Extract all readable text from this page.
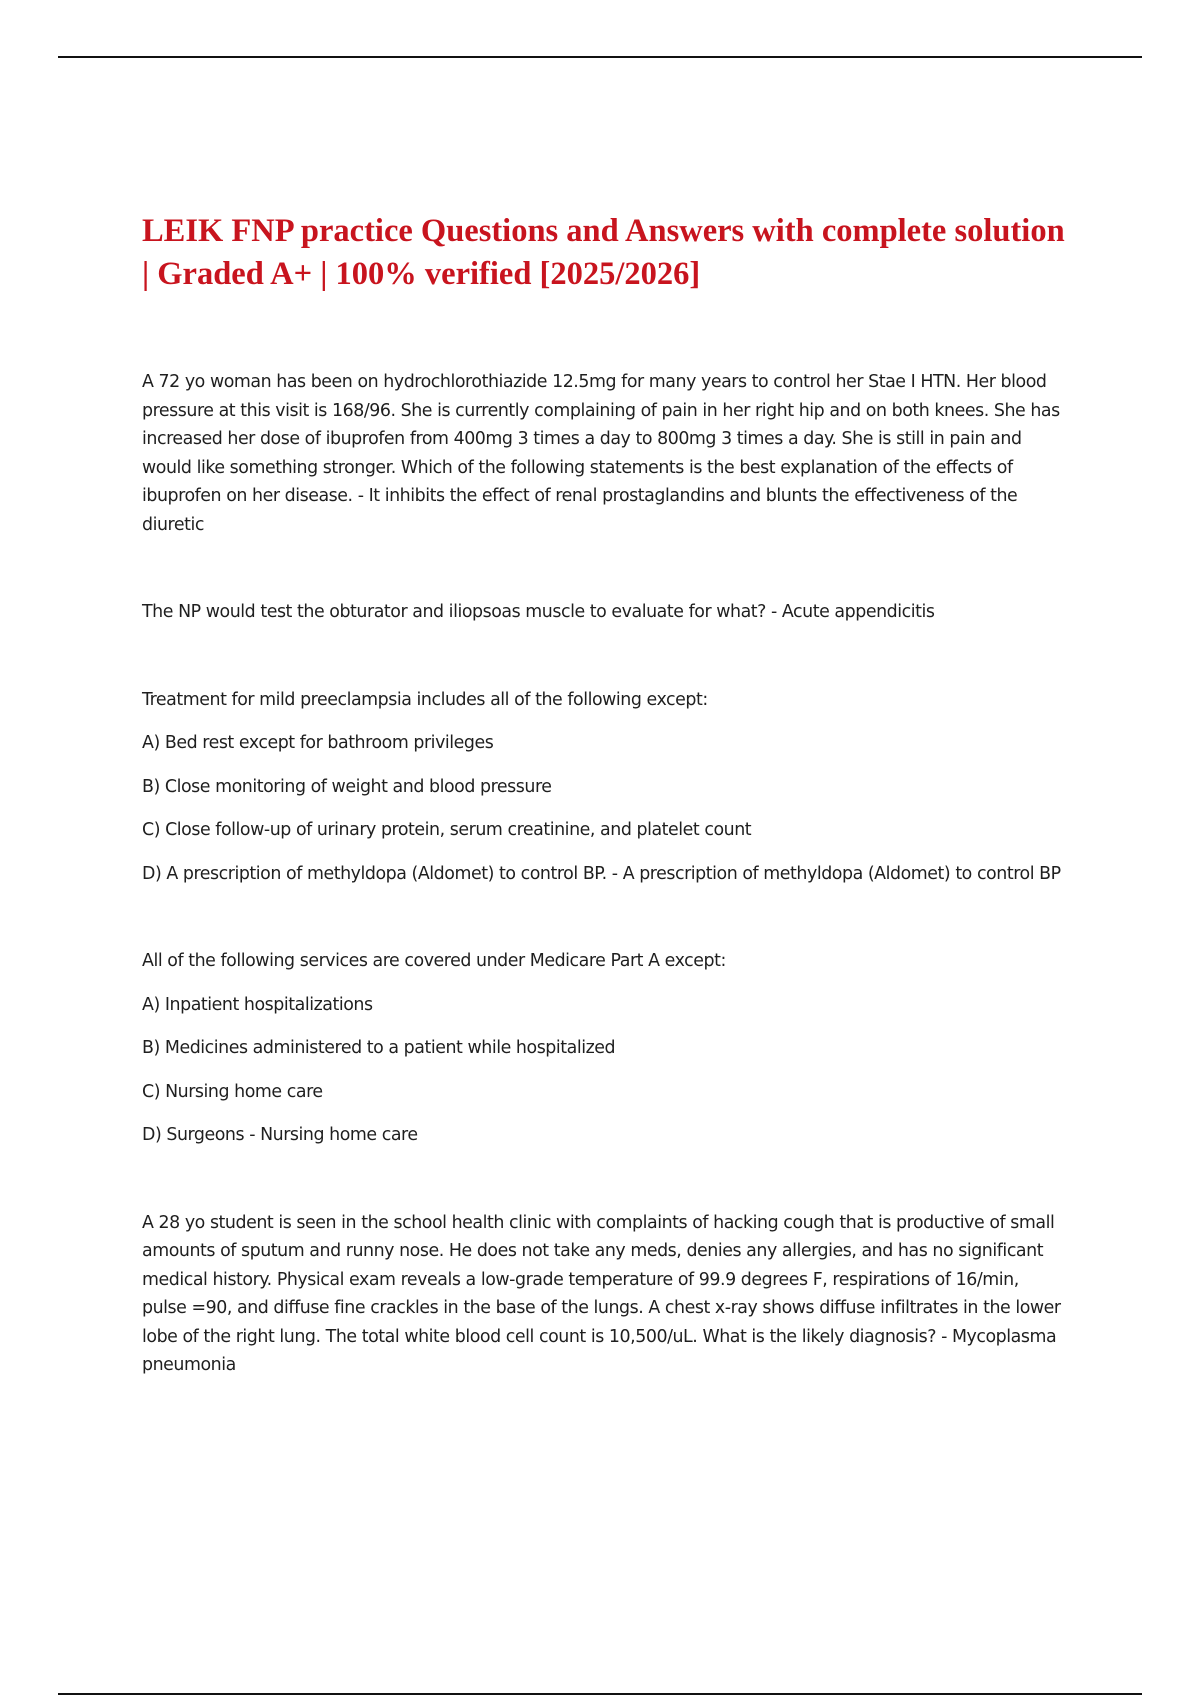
LEIK FNP practice Questions and Answers with complete solution | Graded A+ | 100% verified [2025/2026]

A 72 yo woman has been on hydrochlorothiazide 12.5mg for many years to control her Stae I HTN. Her blood pressure at this visit is 168/96. She is currently complaining of pain in her right hip and on both knees. She has increased her dose of ibuprofen from 400mg 3 times a day to 800mg 3 times a day. She is still in pain and would like something stronger. Which of the following statements is the best explanation of the effects of ibuprofen on her disease. - It inhibits the effect of renal prostaglandins and blunts the effectiveness of the diuretic

The NP would test the obturator and iliopsoas muscle to evaluate for what? - Acute appendicitis

Treatment for mild preeclampsia includes all of the following except:

A) Bed rest except for bathroom privileges

B) Close monitoring of weight and blood pressure

C) Close follow-up of urinary protein, serum creatinine, and platelet count

D) A prescription of methyldopa (Aldomet) to control BP. - A prescription of methyldopa (Aldomet) to control BP

All of the following services are covered under Medicare Part A except:

A) Inpatient hospitalizations

B) Medicines administered to a patient while hospitalized

C) Nursing home care

D) Surgeons - Nursing home care

A 28 yo student is seen in the school health clinic with complaints of hacking cough that is productive of small amounts of sputum and runny nose. He does not take any meds, denies any allergies, and has no significant medical history. Physical exam reveals a low-grade temperature of 99.9 degrees F, respirations of 16/min, pulse =90, and diffuse fine crackles in the base of the lungs. A chest x-ray shows diffuse infiltrates in the lower lobe of the right lung. The total white blood cell count is 10,500/uL. What is the likely diagnosis? - Mycoplasma pneumonia
